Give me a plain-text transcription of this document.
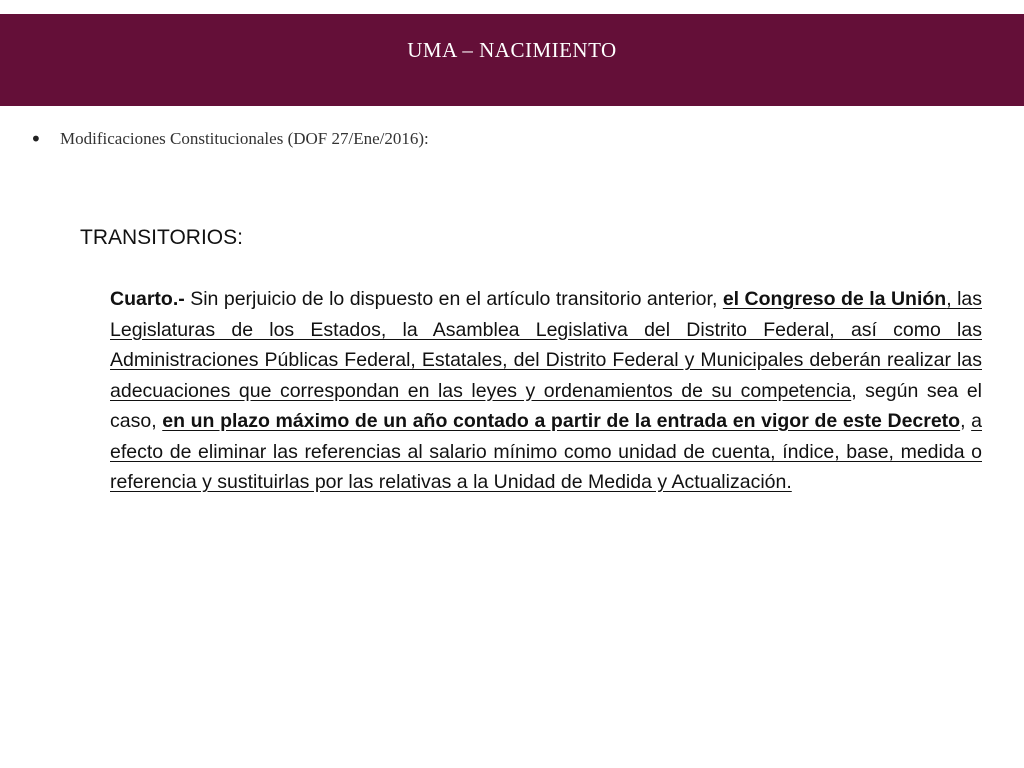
UMA – NACIMIENTO
•	Modificaciones Constitucionales (DOF 27/Ene/2016):
TRANSITORIOS:

Cuarto.- Sin perjuicio de lo dispuesto en el artículo transitorio anterior, el Congreso de la Unión, las Legislaturas de los Estados, la Asamblea Legislativa del Distrito Federal, así como las Administraciones Públicas Federal, Estatales, del Distrito Federal y Municipales deberán realizar las adecuaciones que correspondan en las leyes y ordenamientos de su competencia, según sea el caso, en un plazo máximo de un año contado a partir de la entrada en vigor de este Decreto, a efecto de eliminar las referencias al salario mínimo como unidad de cuenta, índice, base, medida o referencia y sustituirlas por las relativas a la Unidad de Medida y Actualización.
